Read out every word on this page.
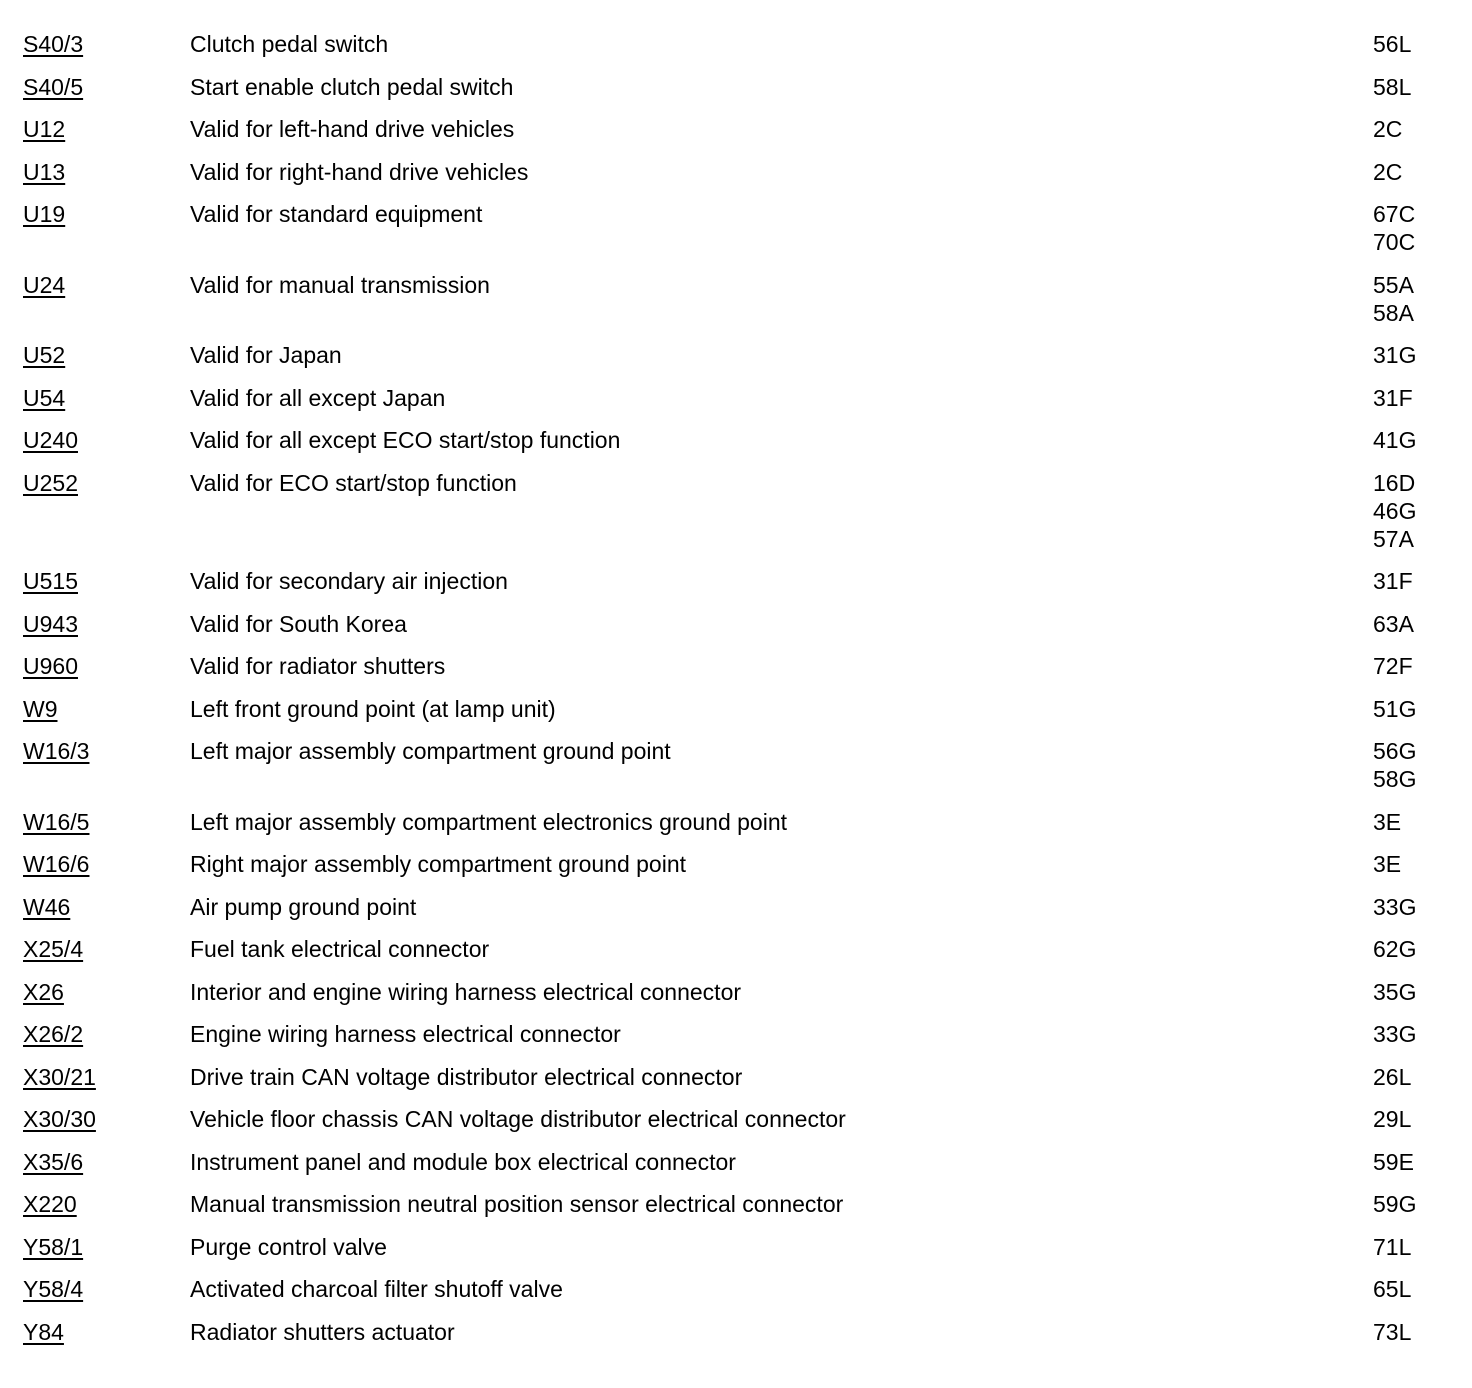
S40/3	Clutch pedal switch	56L
S40/5	Start enable clutch pedal switch	58L
U12	Valid for left-hand drive vehicles	2C
U13	Valid for right-hand drive vehicles	2C
U19	Valid for standard equipment	67C
70C
U24	Valid for manual transmission	55A
58A
U52	Valid for Japan	31G
U54	Valid for all except Japan	31F
U240	Valid for all except ECO start/stop function	41G
U252	Valid for ECO start/stop function	16D
46G
57A
U515	Valid for secondary air injection	31F
U943	Valid for South Korea	63A
U960	Valid for radiator shutters	72F
W9	Left front ground point (at lamp unit)	51G
W16/3	Left major assembly compartment ground point	56G
58G
W16/5	Left major assembly compartment electronics ground point	3E
W16/6	Right major assembly compartment ground point	3E
W46	Air pump ground point	33G
X25/4	Fuel tank electrical connector	62G
X26	Interior and engine wiring harness electrical connector	35G
X26/2	Engine wiring harness electrical connector	33G
X30/21	Drive train CAN voltage distributor electrical connector	26L
X30/30	Vehicle floor chassis CAN voltage distributor electrical connector	29L
X35/6	Instrument panel and module box electrical connector	59E
X220	Manual transmission neutral position sensor electrical connector	59G
Y58/1	Purge control valve	71L
Y58/4	Activated charcoal filter shutoff valve	65L
Y84	Radiator shutters actuator	73L
